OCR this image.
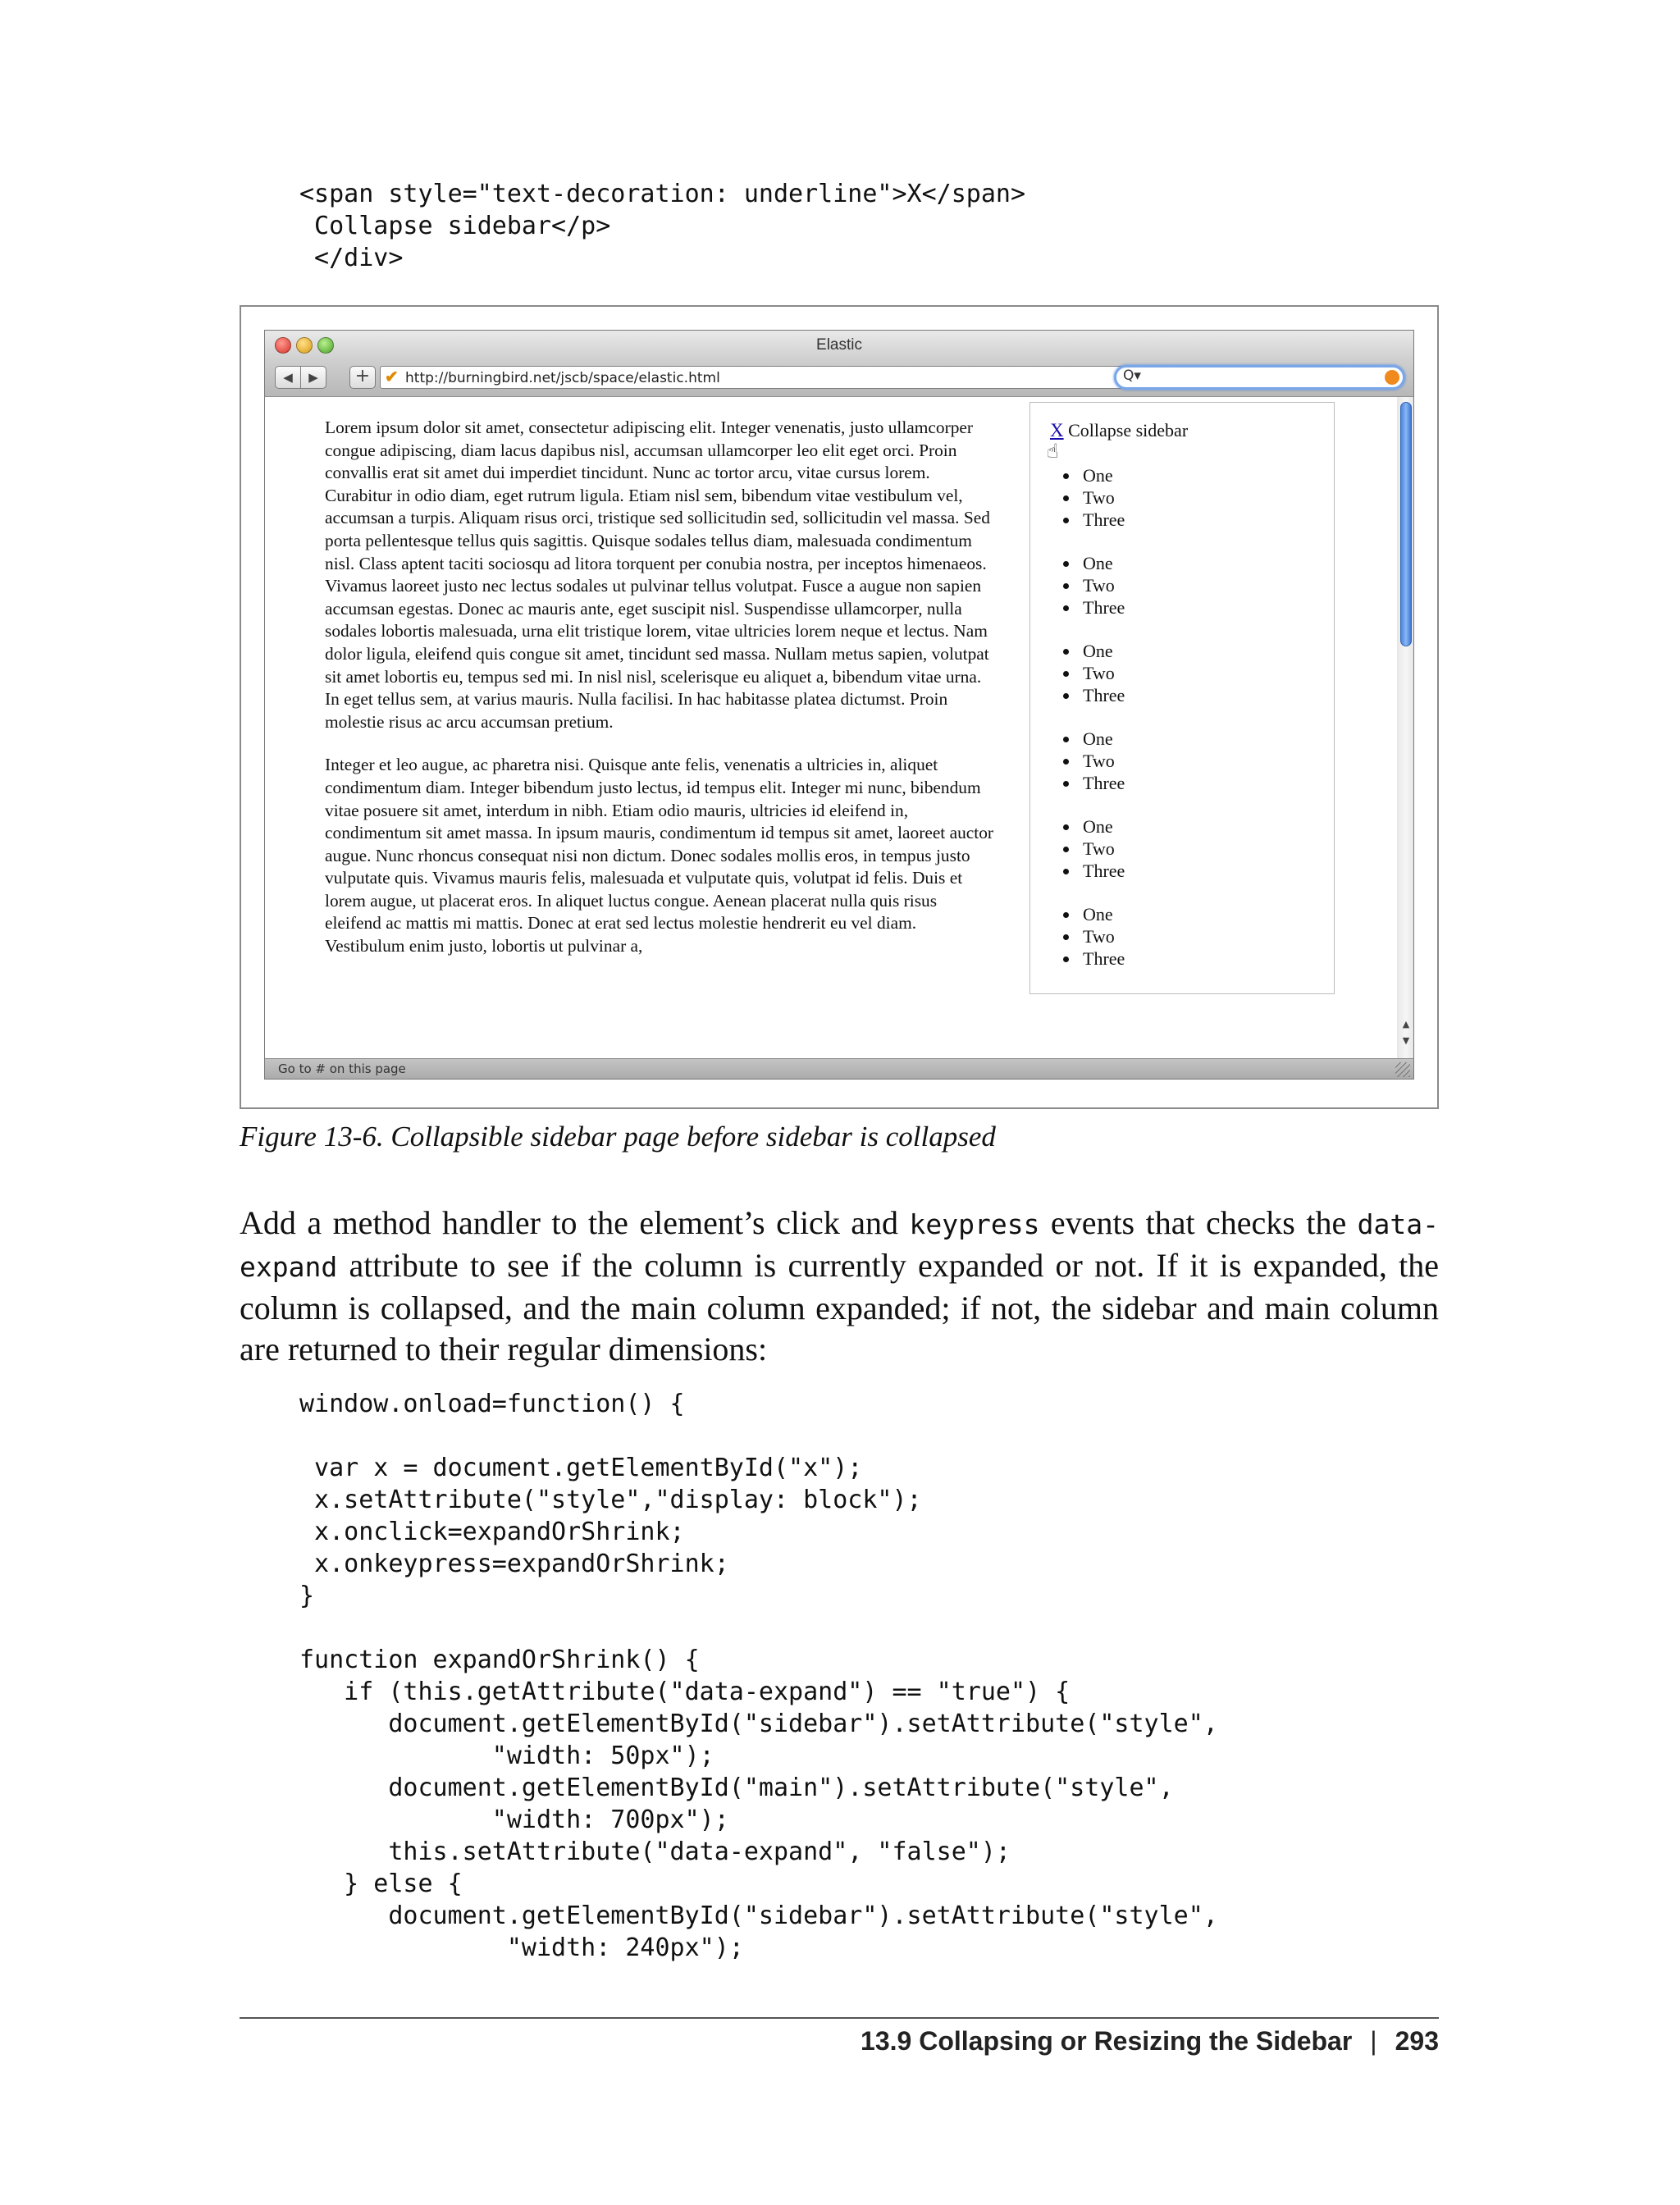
<span style="text-decoration: underline">X</span>
Collapse sidebar</p>
</div>
Elastic
◀	▶	+ ✔ http://burningbird.net/jscb/space/elastic.html	Q▾

Lorem ipsum dolor sit amet, consectetur adipiscing elit. Integer venenatis, justo ullamcorper congue adipiscing, diam lacus dapibus nisl, accumsan ullamcorper leo elit eget orci. Proin convallis erat sit amet dui imperdiet tincidunt. Nunc ac tortor arcu, vitae cursus lorem. Curabitur in odio diam, eget rutrum ligula. Etiam nisl sem, bibendum vitae vestibulum vel, accumsan a turpis. Aliquam risus orci, tristique sed sollicitudin sed, sollicitudin vel massa. Sed porta pellentesque tellus quis sagittis. Quisque sodales tellus diam, malesuada condimentum nisl. Class aptent taciti sociosqu ad litora torquent per conubia nostra, per inceptos himenaeos. Vivamus laoreet justo nec lectus sodales ut pulvinar tellus volutpat. Fusce a augue non sapien accumsan egestas. Donec ac mauris ante, eget suscipit nisl. Suspendisse ullamcorper, nulla sodales lobortis malesuada, urna elit tristique lorem, vitae ultricies lorem neque et lectus. Nam dolor ligula, eleifend quis congue sit amet, tincidunt sed massa. Nullam metus sapien, volutpat sit amet lobortis eu, tempus sed mi. In nisl nisl, scelerisque eu aliquet a, bibendum vitae urna. In eget tellus sem, at varius mauris. Nulla facilisi. In hac habitasse platea dictumst. Proin molestie risus ac arcu accumsan pretium.

Integer et leo augue, ac pharetra nisi. Quisque ante felis, venenatis a ultricies in, aliquet condimentum diam. Integer bibendum justo lectus, id tempus elit. Integer mi nunc, bibendum vitae posuere sit amet, interdum in nibh. Etiam odio mauris, ultricies id eleifend in, condimentum sit amet massa. In ipsum mauris, condimentum id tempus sit amet, laoreet auctor augue. Nunc rhoncus consequat nisi non dictum. Donec sodales mollis eros, in tempus justo vulputate quis. Vivamus mauris felis, malesuada et vulputate quis, volutpat id felis. Duis et lorem augue, ut placerat eros. In aliquet luctus congue. Aenean placerat nulla quis risus eleifend ac mattis mi mattis. Donec at erat sed lectus molestie hendrerit eu vel diam. Vestibulum enim justo, lobortis ut pulvinar a,

X Collapse sidebar
☝
• One
• Two
• Three
• One
• Two
• Three
• One
• Two
• Three
• One
• Two
• Three
• One
• Two
• Three
• One
• Two
• Three
▲
▼
Go to # on this page
Figure 13-6. Collapsible sidebar page before sidebar is collapsed

Add a method handler to the element’s click and keypress events that checks the data-expand attribute to see if the column is currently expanded or not. If it is expanded, the column is collapsed, and the main column expanded; if not, the sidebar and main column are returned to their regular dimensions:

window.onload=function() {

var x = document.getElementById("x");
x.setAttribute("style","display: block");
x.onclick=expandOrShrink;
x.onkeypress=expandOrShrink;
}

function expandOrShrink() {
if (this.getAttribute("data-expand") == "true") {
document.getElementById("sidebar").setAttribute("style",
"width: 50px");
document.getElementById("main").setAttribute("style",
"width: 700px");
this.setAttribute("data-expand", "false");
} else {
document.getElementById("sidebar").setAttribute("style",
"width: 240px");
13.9 Collapsing or Resizing the Sidebar | 293
